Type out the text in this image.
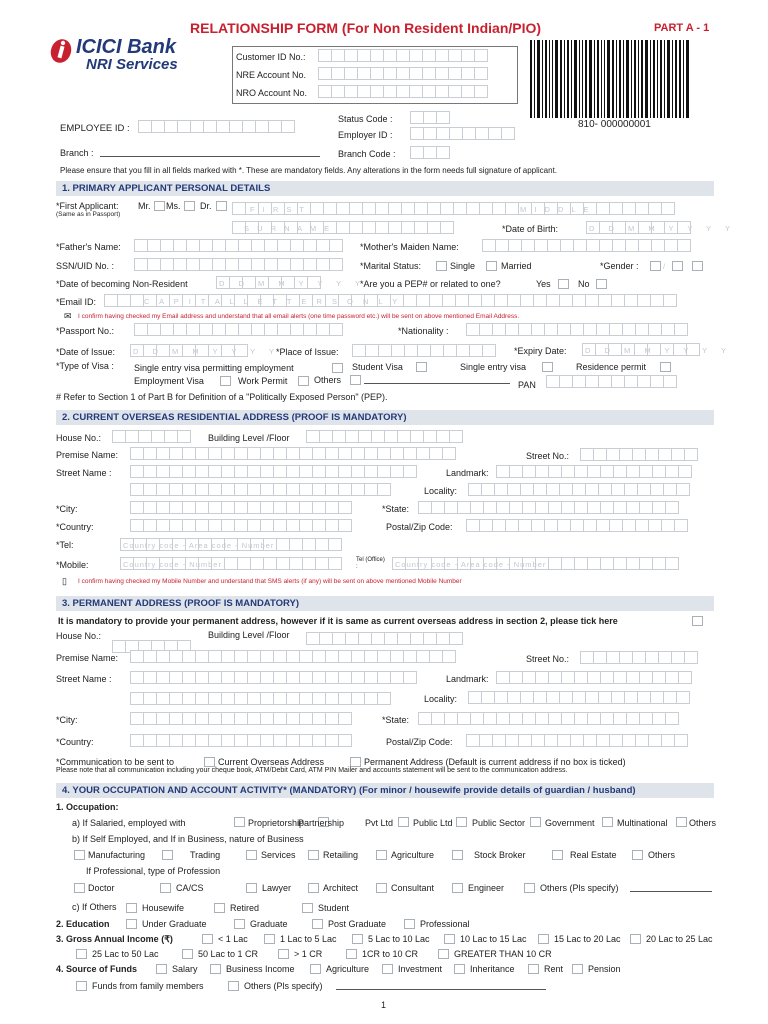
RELATIONSHIP FORM (For Non Resident Indian/PIO)	PART A - 1
ICICI Bank
NRI Services	Customer ID No.:
NRE Account No.
NRO Account No.
810- 000000001
EMPLOYEE ID :
Status Code :
Employer ID :
Branch :	Branch Code :
Please ensure that you fill in all fields marked with *. These are mandatory fields. Any alterations in the form needs full signature of applicant.
1. PRIMARY APPLICANT PERSONAL DETAILS
*First Applicant: Mr. Ms. Dr.
(Same as in Passport)
F I R S T	M I D D L E
S U R N A M E	*Date of Birth:	D D M M Y Y Y Y
*Father's Name:	*Mother's Maiden Name:
SSN/UID No. :	*Marital Status:	Single	Married	*Gender :	/
*Date of becoming Non-Resident	D D M M Y Y Y Y
*Are you a PEP# or related to one?	Yes	No
*Email ID:	C A P I T A L L E T T E R S O N L Y
✉ I confirm having checked my Email address and understand that all email alerts (one time password etc.) will be sent on above mentioned Email Address.
*Passport No.:	*Nationality :
*Date of Issue: D D M M Y Y Y Y
*Place of Issue:	*Expiry Date: D D M M Y Y Y Y
*Type of Visa : Single entry visa permitting employment	Student Visa	Single entry visa	Residence permit
Employment Visa	Work Permit	Others	PAN
# Refer to Section 1 of Part B for Definition of a "Politically Exposed Person" (PEP).
2. CURRENT OVERSEAS RESIDENTIAL ADDRESS (PROOF IS MANDATORY)
House No.:	Building Level /Floor
Premise Name:	Street No.:
Street Name :	Landmark:
Locality:
*City:	*State:
*Country:	Postal/Zip Code:
*Tel:	Country code - Area code - Number
*Mobile:	Country code - Number	Tel (Office) :	Country code - Area code - Number
▯ I confirm having checked my Mobile Number and understand that SMS alerts (if any) will be sent on above mentioned Mobile Number
3. PERMANENT ADDRESS (PROOF IS MANDATORY)
It is mandatory to provide your permanent address, however if it is same as current overseas address in section 2, please tick here
House No.:	Building Level /Floor
Premise Name:	Street No.:
Street Name :	Landmark:
Locality:
*City:	*State:
*Country:	Postal/Zip Code:
*Communication to be sent to	Current Overseas Address	Permanent Address (Default is current address if no box is ticked)
Please note that all communication including your cheque book, ATM/Debit Card, ATM PIN Mailer and accounts statement will be sent to the communication address.
4. YOUR OCCUPATION AND ACCOUNT ACTIVITY* (MANDATORY) (For minor / housewife provide details of guardian / husband)
1. Occupation:
a) If Salaried, employed with	Proprietorship
Partnership Pvt Ltd Public Ltd Public Sector Government Multinational Others
b) If Self Employed, and If in Business, nature of Business
Manufacturing	Trading	Services	Retailing	Agriculture	Stock Broker	Real Estate	Others
If Professional, type of Profession
Doctor	CA/CS	Lawyer	Architect	Consultant	Engineer	Others (Pls specify)
c) If Others	Housewife	Retired	Student
2. Education	Under Graduate	Graduate	Post Graduate	Professional
3. Gross Annual Income (₹)	< 1 Lac	1 Lac to 5 Lac	5 Lac to 10 Lac	10 Lac to 15 Lac	15 Lac to 20 Lac	20 Lac to 25 Lac
25 Lac to 50 Lac	50 Lac to 1 CR	> 1 CR	1CR to 10 CR	GREATER THAN 10 CR
4. Source of Funds	Salary	Business Income	Agriculture	Investment	Inheritance	Rent	Pension
Funds from family members	Others (Pls specify)
1
